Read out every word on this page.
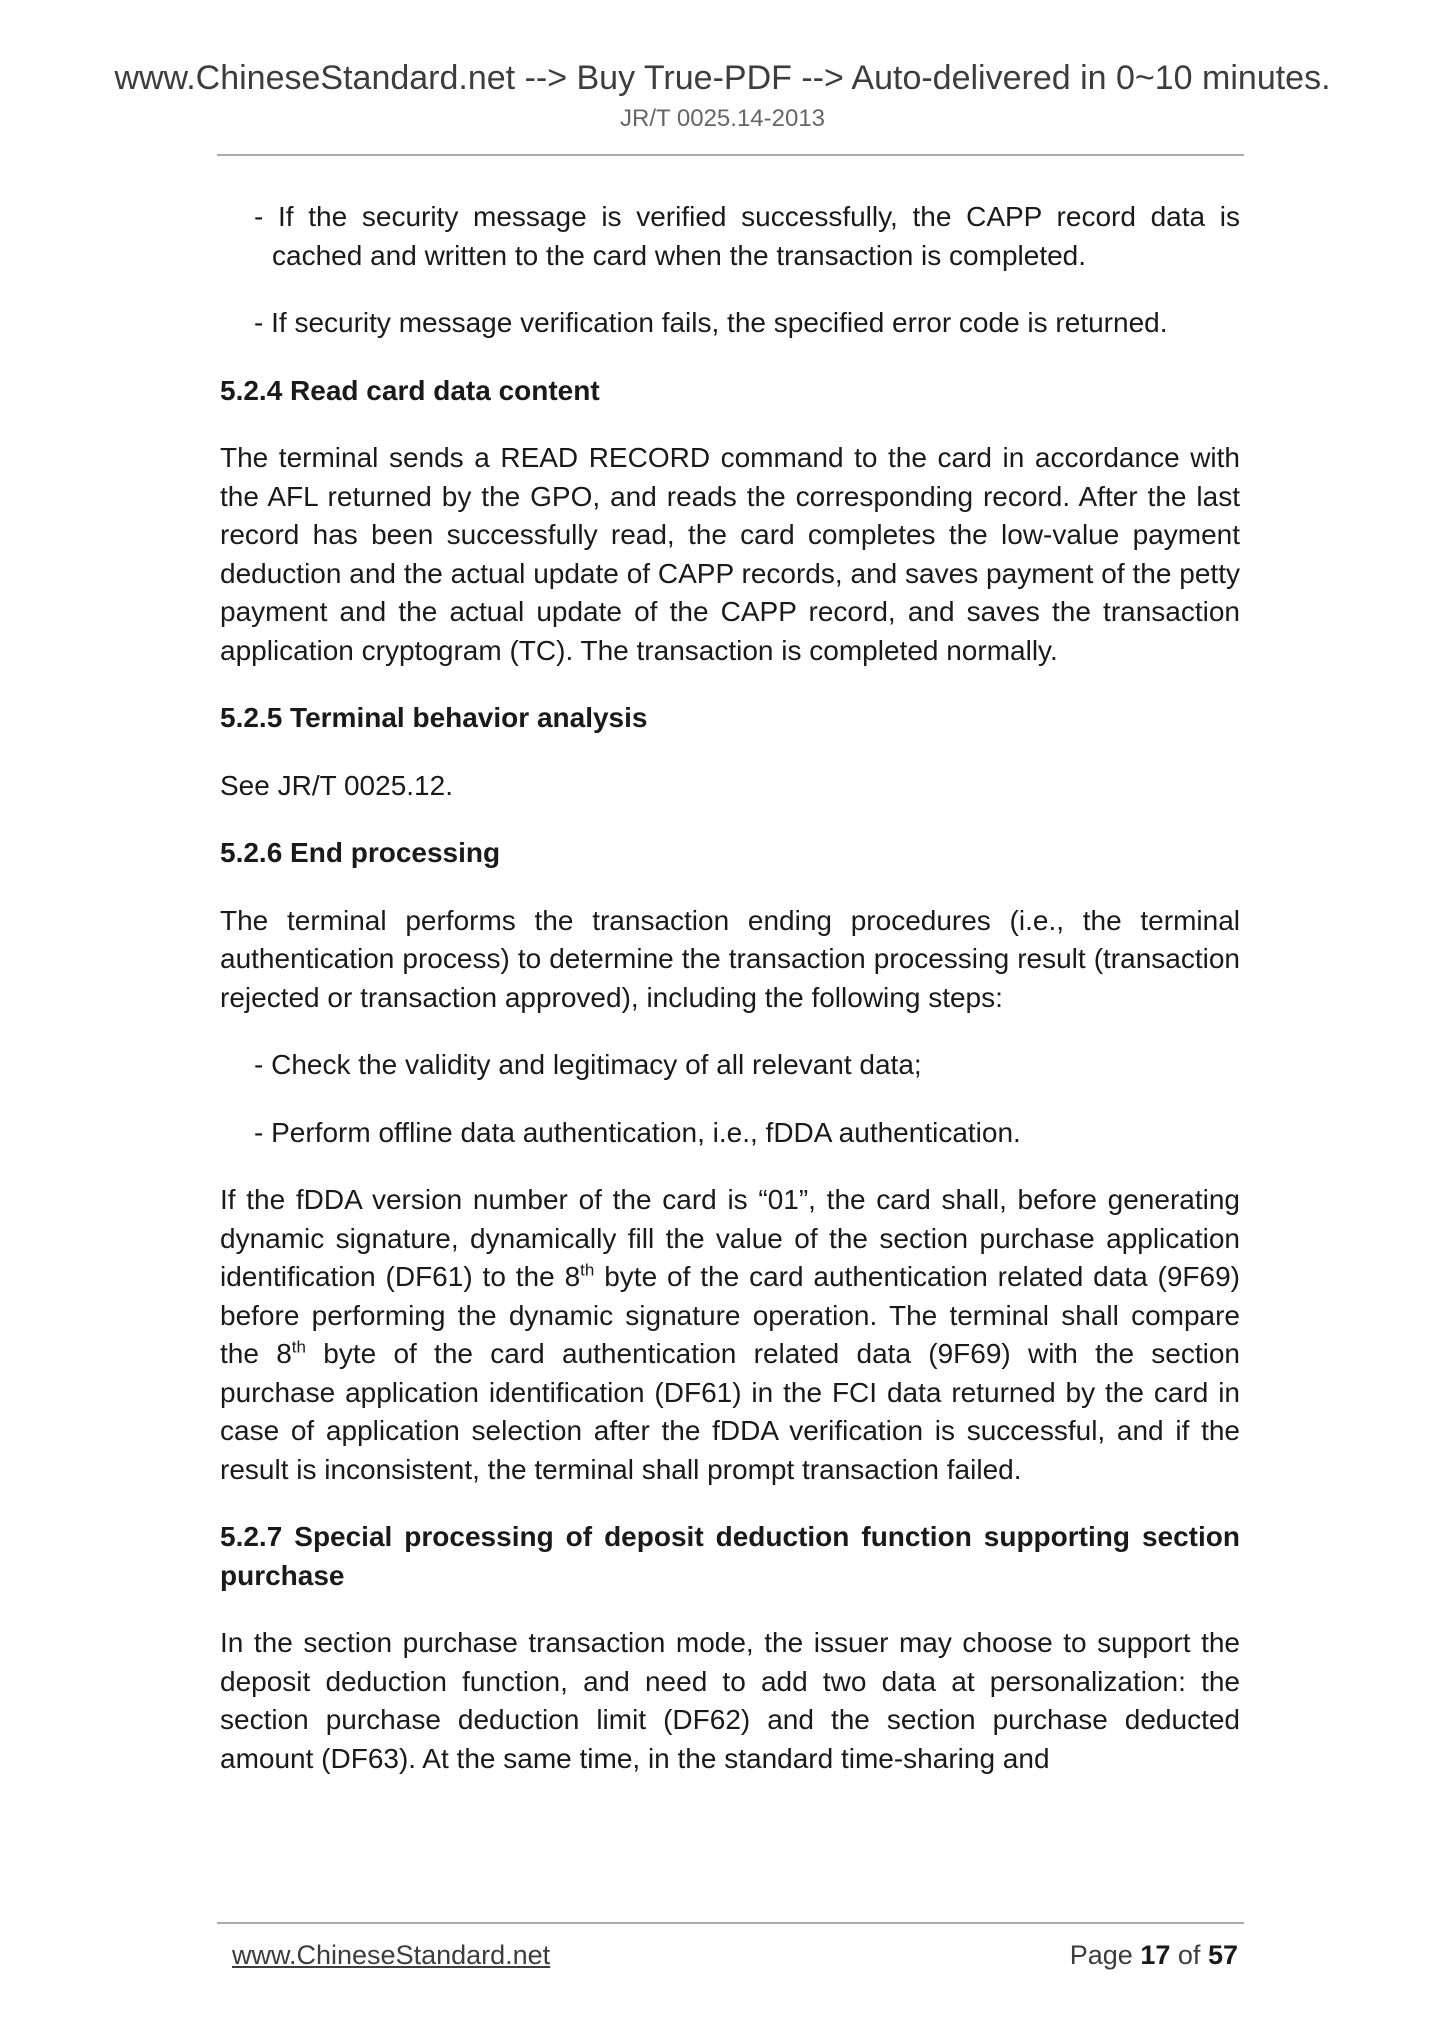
www.ChineseStandard.net --> Buy True-PDF --> Auto-delivered in 0~10 minutes.
JR/T 0025.14-2013

- If the security message is verified successfully, the CAPP record data is cached and written to the card when the transaction is completed.

- If security message verification fails, the specified error code is returned.

5.2.4 Read card data content

The terminal sends a READ RECORD command to the card in accordance with the AFL returned by the GPO, and reads the corresponding record. After the last record has been successfully read, the card completes the low-value payment deduction and the actual update of CAPP records, and saves payment of the petty payment and the actual update of the CAPP record, and saves the transaction application cryptogram (TC). The transaction is completed normally.

5.2.5 Terminal behavior analysis

See JR/T 0025.12.

5.2.6 End processing

The terminal performs the transaction ending procedures (i.e., the terminal authentication process) to determine the transaction processing result (transaction rejected or transaction approved), including the following steps:

- Check the validity and legitimacy of all relevant data;

- Perform offline data authentication, i.e., fDDA authentication.

If the fDDA version number of the card is “01”, the card shall, before generating dynamic signature, dynamically fill the value of the section purchase application identification (DF61) to the 8th byte of the card authentication related data (9F69) before performing the dynamic signature operation. The terminal shall compare the 8th byte of the card authentication related data (9F69) with the section purchase application identification (DF61) in the FCI data returned by the card in case of application selection after the fDDA verification is successful, and if the result is inconsistent, the terminal shall prompt transaction failed.

5.2.7 Special processing of deposit deduction function supporting section purchase

In the section purchase transaction mode, the issuer may choose to support the deposit deduction function, and need to add two data at personalization: the section purchase deduction limit (DF62) and the section purchase deducted amount (DF63). At the same time, in the standard time-sharing and

www.ChineseStandard.net	Page 17 of 57
